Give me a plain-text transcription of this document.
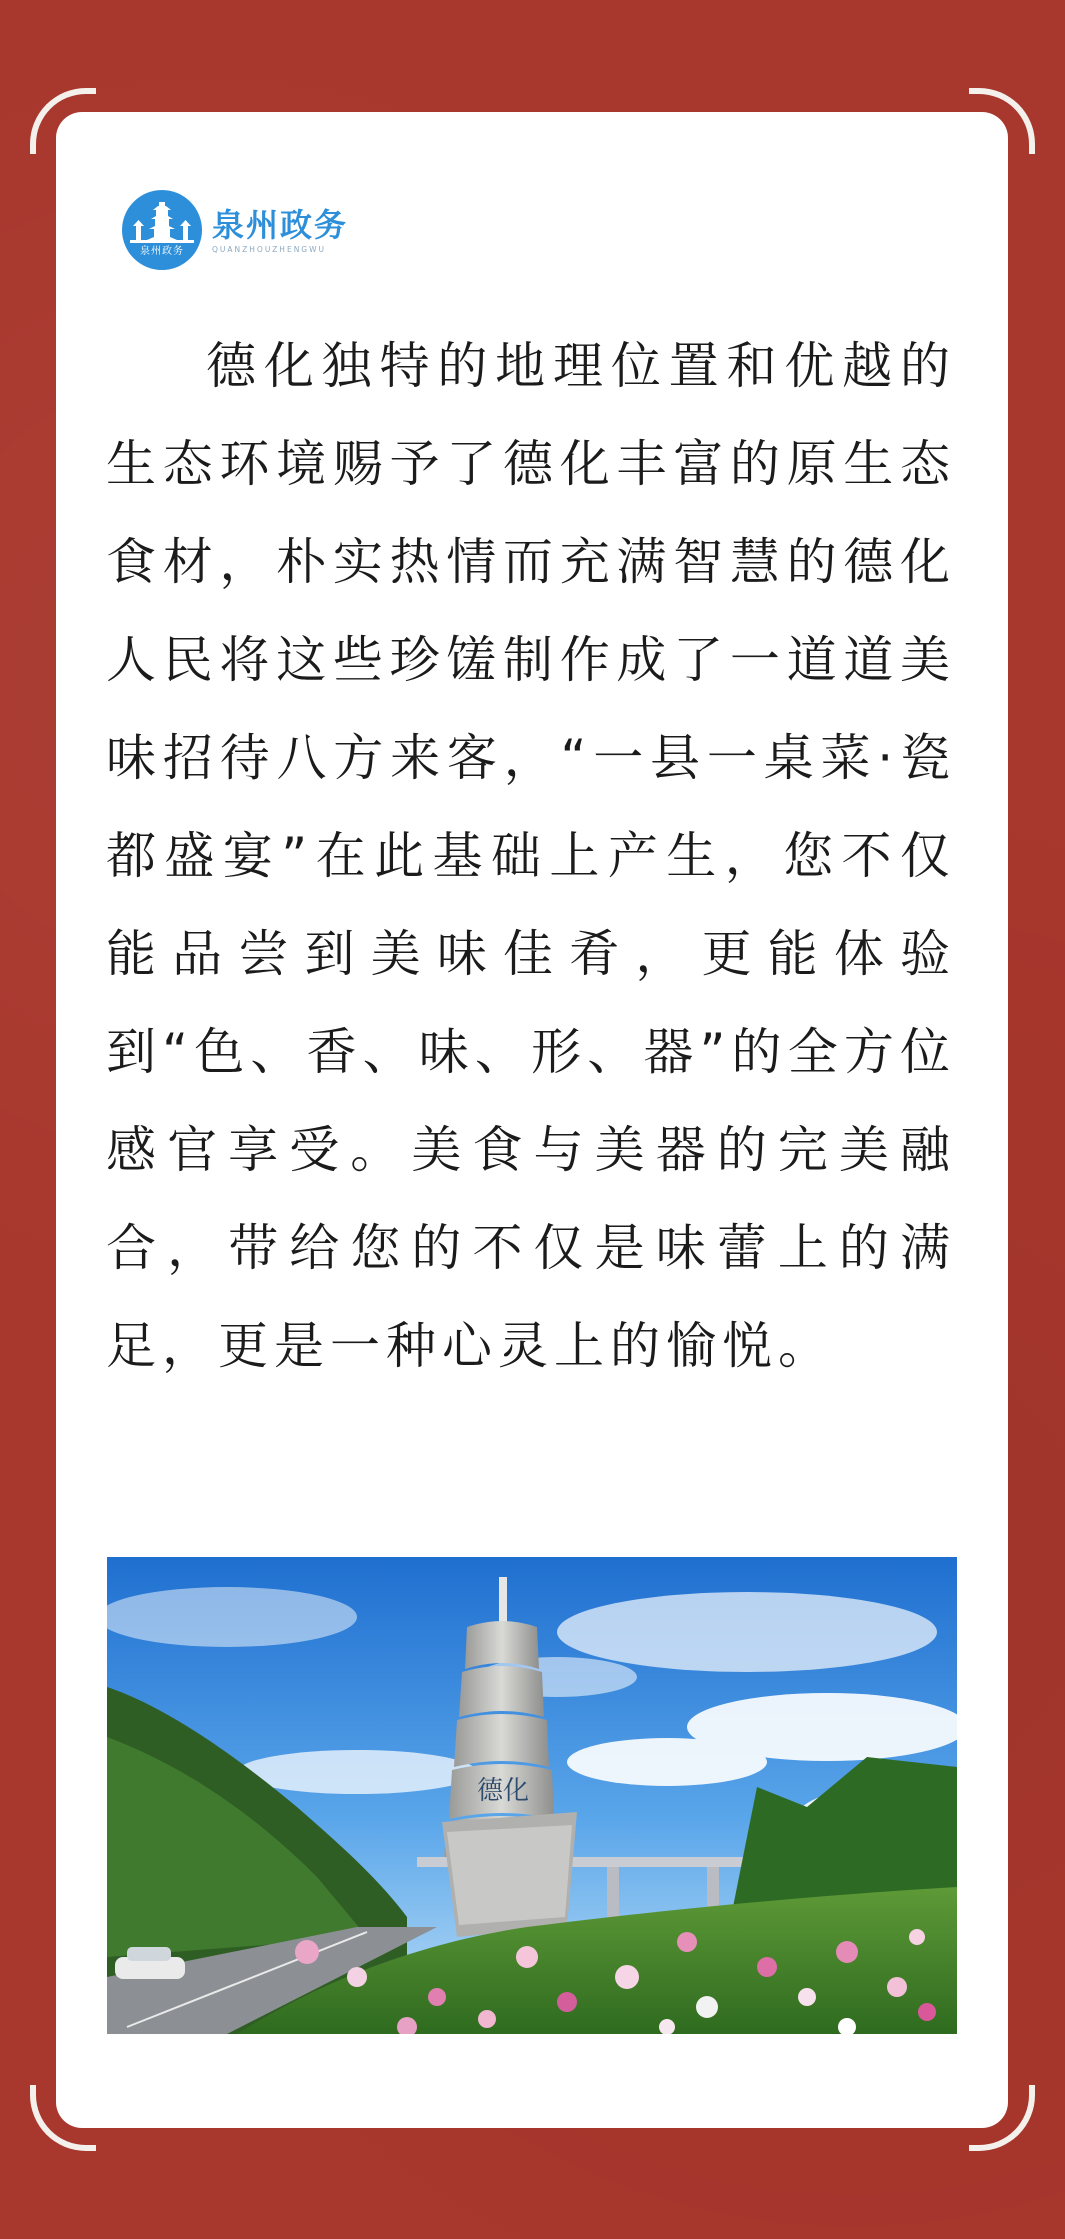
泉州政务
泉州政务
QUANZHOUZHENGWU
德化独特的地理位置和优越的生态环境赐予了德化丰富的原生态食材，朴实热情而充满智慧的德化人民将这些珍馐制作成了一道道美味招待八方来客，“一县一桌菜·瓷都盛宴”在此基础上产生，您不仅能品尝到美味佳肴，更能体验到“色、香、味、形、器”的全方位感官享受。美食与美器的完美融合，带给您的不仅是味蕾上的满足，更是一种心灵上的愉悦。
德化
